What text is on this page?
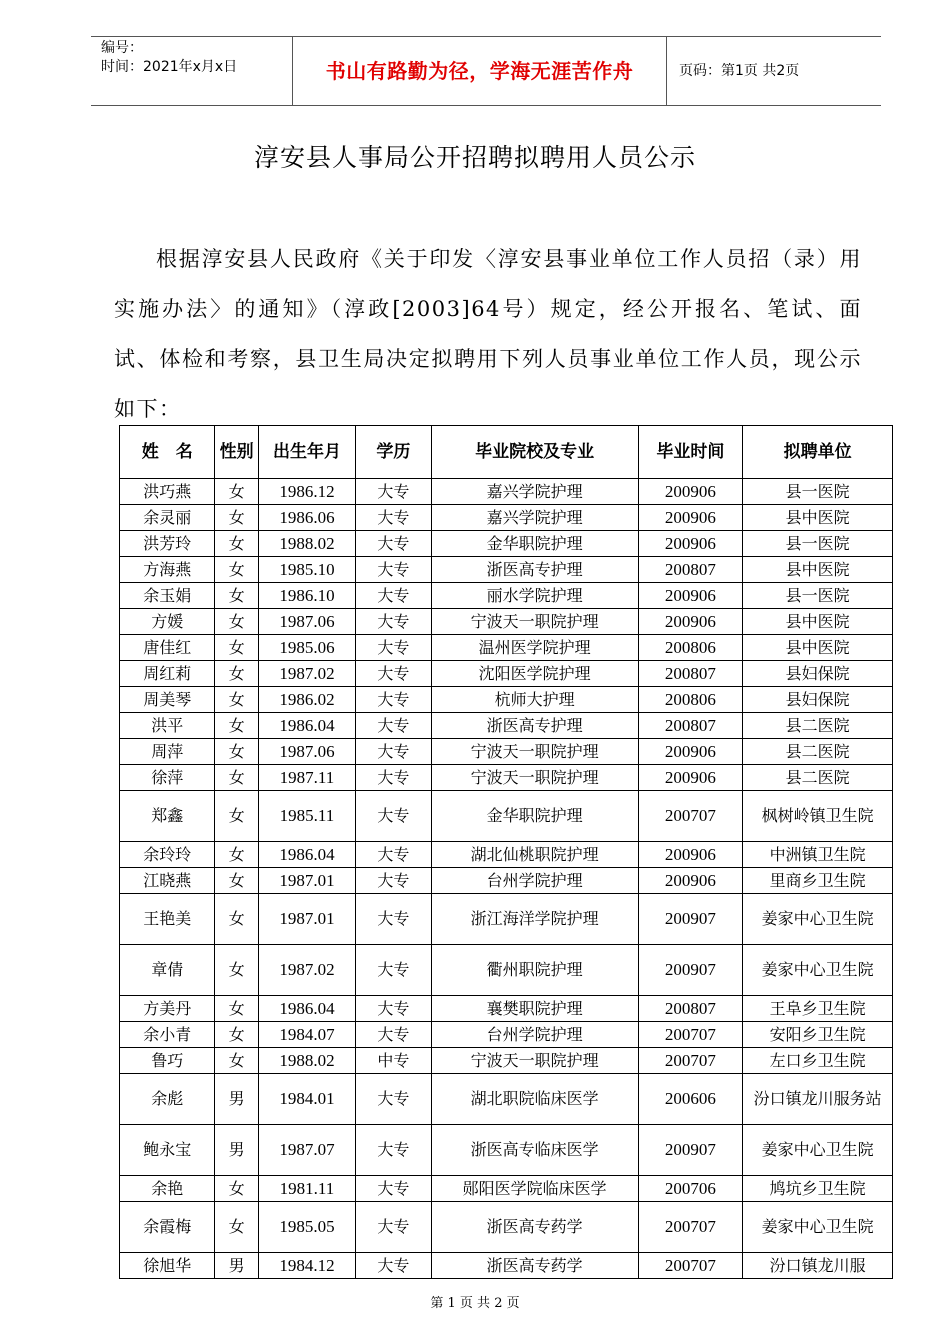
编号：
时间：2021年x月x日	书山有路勤为径，学海无涯苦作舟	页码：第1页 共2页
淳安县人事局公开招聘拟聘用人员公示
根据淳安县人民政府《关于印发〈淳安县事业单位工作人员招（录）用实施办法〉的通知》（淳政[2003]64号）规定，经公开报名、笔试、面试、体检和考察，县卫生局决定拟聘用下列人员事业单位工作人员，现公示如下：
姓　名	性别	出生年月	学历	毕业院校及专业	毕业时间	拟聘单位
洪巧燕	女	1986.12	大专	嘉兴学院护理	200906	县一医院
余灵丽	女	1986.06	大专	嘉兴学院护理	200906	县中医院
洪芳玲	女	1988.02	大专	金华职院护理	200906	县一医院
方海燕	女	1985.10	大专	浙医高专护理	200807	县中医院
余玉娟	女	1986.10	大专	丽水学院护理	200906	县一医院
方媛	女	1987.06	大专	宁波天一职院护理	200906	县中医院
唐佳红	女	1985.06	大专	温州医学院护理	200806	县中医院
周红莉	女	1987.02	大专	沈阳医学院护理	200807	县妇保院
周美琴	女	1986.02	大专	杭师大护理	200806	县妇保院
洪平	女	1986.04	大专	浙医高专护理	200807	县二医院
周萍	女	1987.06	大专	宁波天一职院护理	200906	县二医院
徐萍	女	1987.11	大专	宁波天一职院护理	200906	县二医院
郑鑫	女	1985.11	大专	金华职院护理	200707	枫树岭镇卫生院
余玲玲	女	1986.04	大专	湖北仙桃职院护理	200906	中洲镇卫生院
江晓燕	女	1987.01	大专	台州学院护理	200906	里商乡卫生院
王艳美	女	1987.01	大专	浙江海洋学院护理	200907	姜家中心卫生院
章倩	女	1987.02	大专	衢州职院护理	200907	姜家中心卫生院
方美丹	女	1986.04	大专	襄樊职院护理	200807	王阜乡卫生院
余小青	女	1984.07	大专	台州学院护理	200707	安阳乡卫生院
鲁巧	女	1988.02	中专	宁波天一职院护理	200707	左口乡卫生院
余彪	男	1984.01	大专	湖北职院临床医学	200606	汾口镇龙川服务站
鲍永宝	男	1987.07	大专	浙医高专临床医学	200907	姜家中心卫生院
余艳	女	1981.11	大专	郧阳医学院临床医学	200706	鸠坑乡卫生院
余霞梅	女	1985.05	大专	浙医高专药学	200707	姜家中心卫生院
徐旭华	男	1984.12	大专	浙医高专药学	200707	汾口镇龙川服
第 1 页 共 2 页
